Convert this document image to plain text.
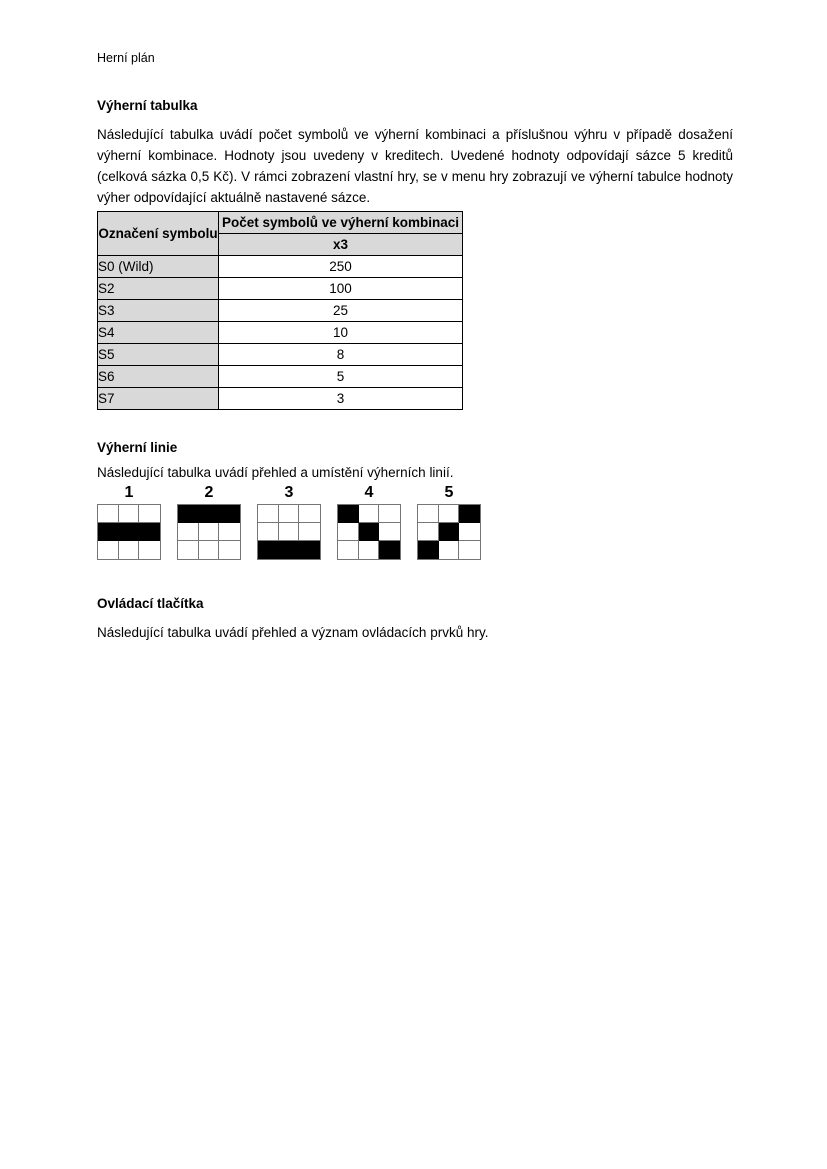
Herní plán
Výherní tabulka

Následující tabulka uvádí počet symbolů ve výherní kombinaci a příslušnou výhru v případě dosažení výherní kombinace. Hodnoty jsou uvedeny v kreditech. Uvedené hodnoty odpovídají sázce 5 kreditů (celková sázka 0,5 Kč). V rámci zobrazení vlastní hry, se v menu hry zobrazují ve výherní tabulce hodnoty výher odpovídající aktuálně nastavené sázce.

Označení symbolu	Počet symbolů ve výherní kombinaci
	x3
S0 (Wild)	250
S2	100
S3	25
S4	10
S5	8
S6	5
S7	3
Výherní linie

Následující tabulka uvádí přehled a umístění výherních linií.

1	2	3	4	5
Ovládací tlačítka

Následující tabulka uvádí přehled a význam ovládacích prvků hry.
